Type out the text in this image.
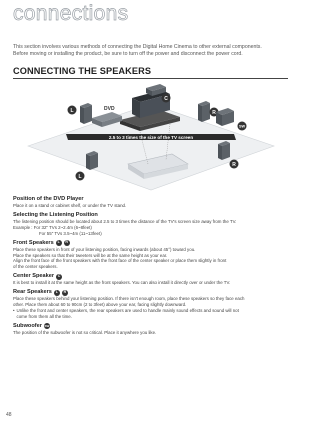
connections

This section involves various methods of connecting the Digital Home Cinema to other external components.

Before moving or installing the product, be sure to turn off the power and disconnect the power cord.

CONNECTING THE SPEAKERS
DVD
2.5 to 3 times the size of the TV screen
C
L	R
L
R
SW
Position of the DVD Player
Place it on a stand or cabinet shelf, or under the TV stand.
Selecting the Listening Position
The listening position should be located about 2.5 to 3 times the distance of the TV's screen size away from the TV.
Example : For 32" TVs 2~2.4m (6~8feet)
For 55" TVs 3.5~4m (11~13feet)
Front Speakers	L	R
Place these speakers in front of your listening position, facing inwards (about 45°) toward you.
Place the speakers so that their tweeters will be at the same height as your ear.
Align the front face of the front speakers with the front face of the center speaker or place them slightly in front
of the center speakers.
Center Speaker	C
It is best to install it at the same height as the front speakers. You can also install it directly over or under the TV.
Rear Speakers	L	R
Place these speakers behind your listening position. If there isn't enough room, place these speakers so they face each
other. Place them about 60 to 90cm (2 to 3feet) above your ear, facing slightly downward.
• Unlike the front and center speakers, the rear speakers are used to handle mainly sound effects and sound will not
come from them all the time.
Subwoofer SW
The position of the subwoofer is not so critical. Place it anywhere you like.
48
